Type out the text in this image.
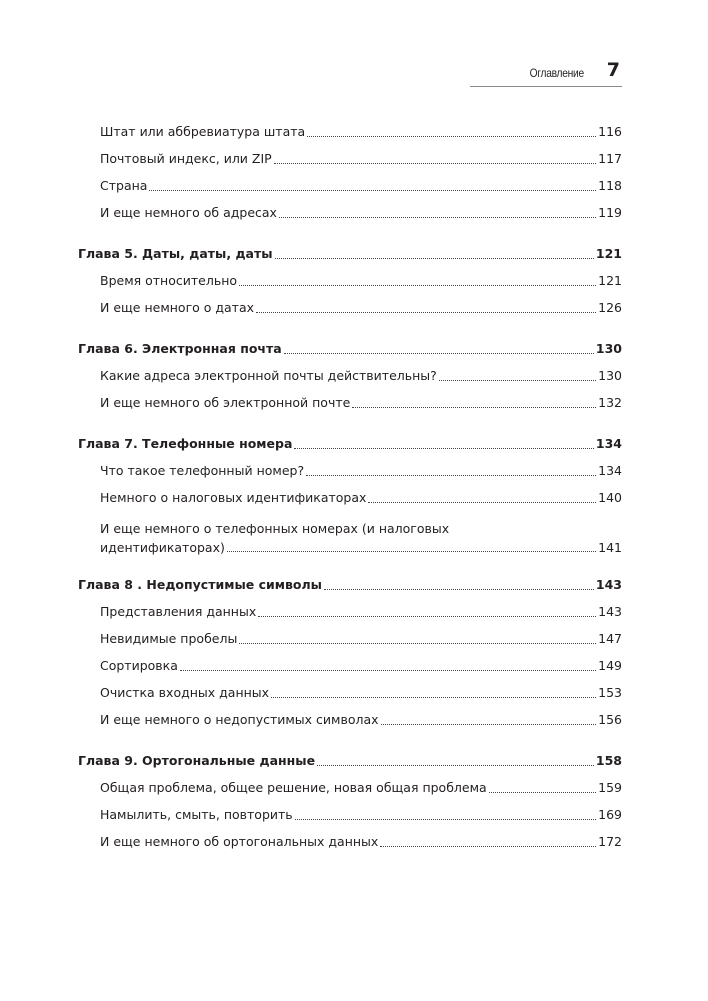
Оглавление 7
Штат или аббревиатура штата	116
Почтовый индекс, или ZIP	117
Страна	118
И еще немного об адресах	119
Глава 5. Даты, даты, даты	121
Время относительно	121
И еще немного о датах	126
Глава 6. Электронная почта	130
Какие адреса электронной почты действительны?	130
И еще немного об электронной почте	132
Глава 7. Телефонные номера	134
Что такое телефонный номер?	134
Немного о налоговых идентификаторах	140
И еще немного о телефонных номерах (и налоговых
идентификаторах)	141
Глава 8 . Недопустимые символы	143
Представления данных	143
Невидимые пробелы	147
Сортировка	149
Очистка входных данных	153
И еще немного о недопустимых символах	156
Глава 9. Ортогональные данные	158
Общая проблема, общее решение, новая общая проблема	159
Намылить, смыть, повторить	169
И еще немного об ортогональных данных	172
